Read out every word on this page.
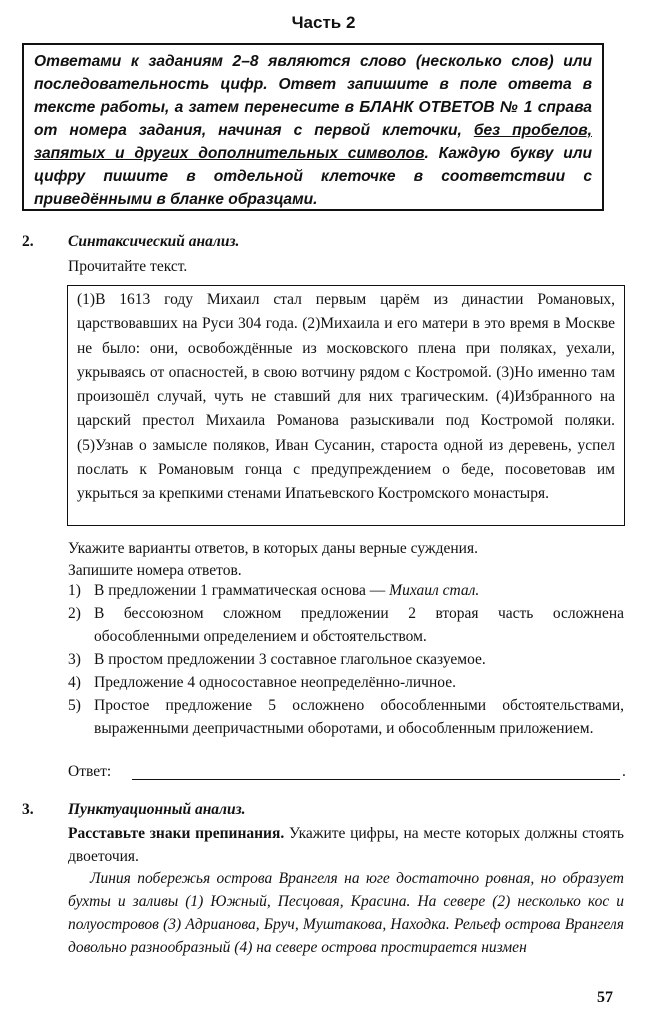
Часть 2
Ответами к заданиям 2–8 являются слово (несколько слов) или последовательность цифр. Ответ запишите в поле ответа в тексте работы, а затем перенесите в БЛАНК ОТВЕТОВ № 1 справа от номера задания, начиная с первой клеточки, без пробелов, запятых и других дополнительных символов. Каждую букву или цифру пишите в отдельной клеточке в соответствии с приведёнными в бланке образцами.
2. Синтаксический анализ.
Прочитайте текст.
(1)В 1613 году Михаил стал первым царём из династии Романовых, царствовавших на Руси 304 года. (2)Михаила и его матери в это время в Москве не было: они, освобождённые из московского плена при поляках, уехали, укрываясь от опасностей, в свою вотчину рядом с Костромой. (3)Но именно там произошёл случай, чуть не ставший для них трагическим. (4)Избранного на царский престол Михаила Романова разыскивали под Костромой поляки. (5)Узнав о замысле поляков, Иван Сусанин, староста одной из деревень, успел послать к Романовым гонца с предупреждением о беде, посоветовав им укрыться за крепкими стенами Ипатьевского Костромского монастыря.
Укажите варианты ответов, в которых даны верные суждения.
Запишите номера ответов.
1) В предложении 1 грамматическая основа — Михаил стал.
2) В бессоюзном сложном предложении 2 вторая часть осложнена обособленными определением и обстоятельством.
3) В простом предложении 3 составное глагольное сказуемое.
4) Предложение 4 односоставное неопределённо-личное.
5) Простое предложение 5 осложнено обособленными обстоятельствами, выраженными деепричастными оборотами, и обособленным приложением.
Ответ:	.
3. Пунктуационный анализ.
Расставьте знаки препинания. Укажите цифры, на месте которых должны стоять двоеточия.
Линия побережья острова Врангеля на юге достаточно ровная, но образует бухты и заливы (1) Южный, Песцовая, Красина. На севере (2) несколько кос и полуостровов (3) Адрианова, Бруч, Муштакова, Находка. Рельеф острова Врангеля довольно разнообразный (4) на севере острова простирается низмен
57
